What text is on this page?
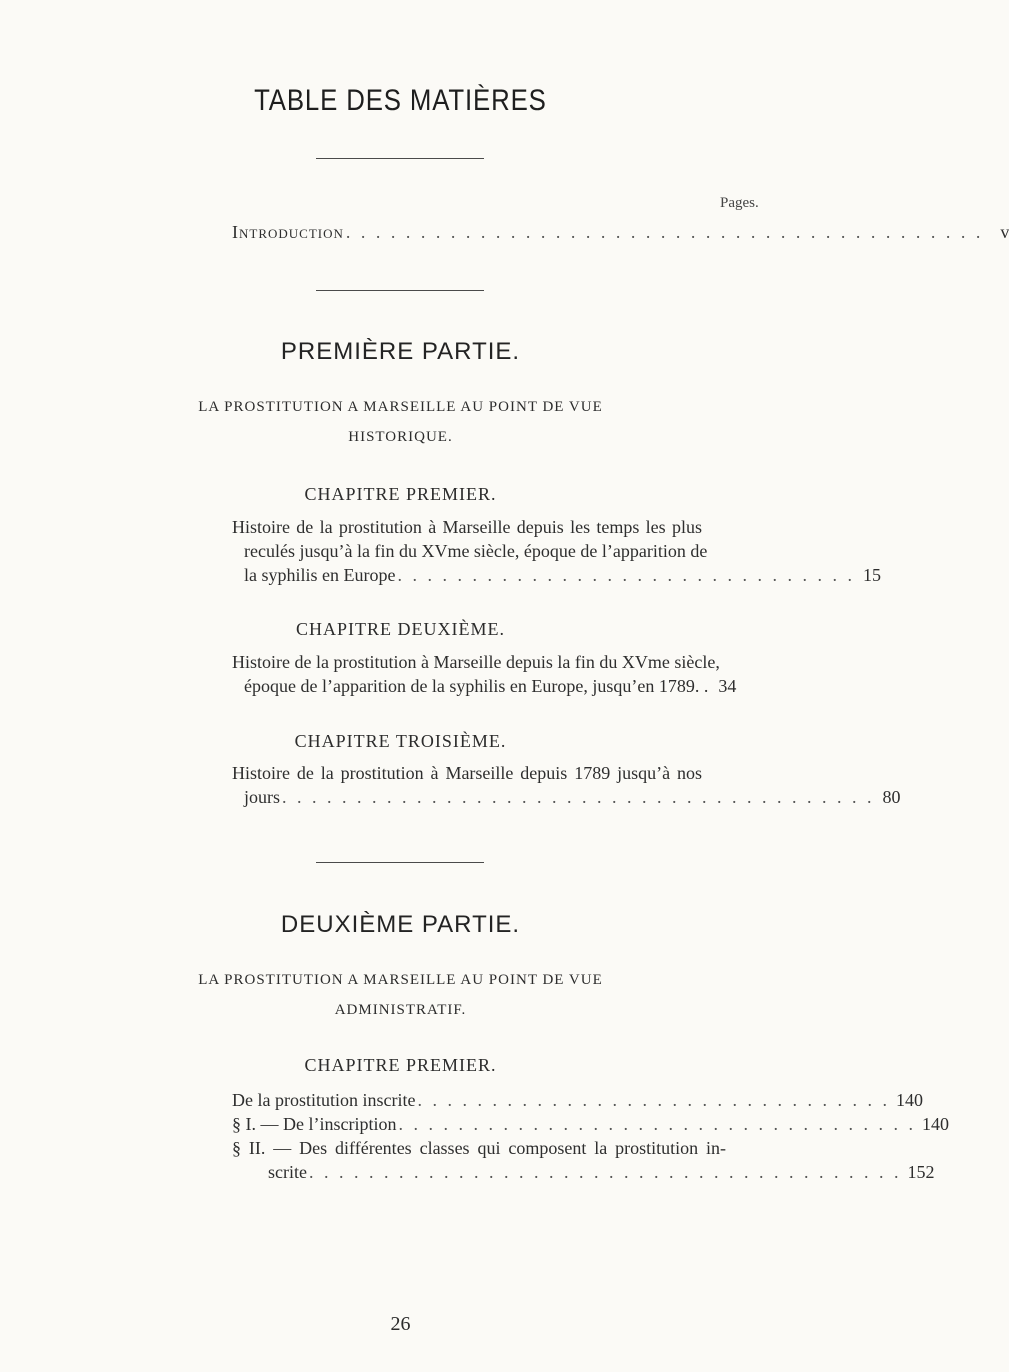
TABLE DES MATIÈRES
Pages.
Introduction . . . . . . . . . . . . . . . . . . . . . . . . . . . . . . . . . . . . . . . . . . . v
PREMIÈRE PARTIE.
LA PROSTITUTION A MARSEILLE AU POINT DE VUE
HISTORIQUE.
CHAPITRE PREMIER.
Histoire de la prostitution à Marseille depuis les temps les plus
reculés jusqu’à la fin du XVme siècle, époque de l’apparition de
la syphilis en Europe . . . . . . . . . . . . . . . . . . . . . . . . . . . . . . . 15
CHAPITRE DEUXIÈME.
Histoire de la prostitution à Marseille depuis la fin du XVme siècle,
époque de l’apparition de la syphilis en Europe, jusqu’en 1789. . 34
CHAPITRE TROISIÈME.
Histoire de la prostitution à Marseille depuis 1789 jusqu’à nos
jours . . . . . . . . . . . . . . . . . . . . . . . . . . . . . . . . . . . . . . . . 80
DEUXIÈME PARTIE.
LA PROSTITUTION A MARSEILLE AU POINT DE VUE
ADMINISTRATIF.
CHAPITRE PREMIER.
De la prostitution inscrite . . . . . . . . . . . . . . . . . . . . . . . . . . . . . . . . 140
§ I. — De l’inscription . . . . . . . . . . . . . . . . . . . . . . . . . . . . . . . . . . . 140
§ II. — Des différentes classes qui composent la prostitution in-
scrite . . . . . . . . . . . . . . . . . . . . . . . . . . . . . . . . . . . . . . . . 152
26
